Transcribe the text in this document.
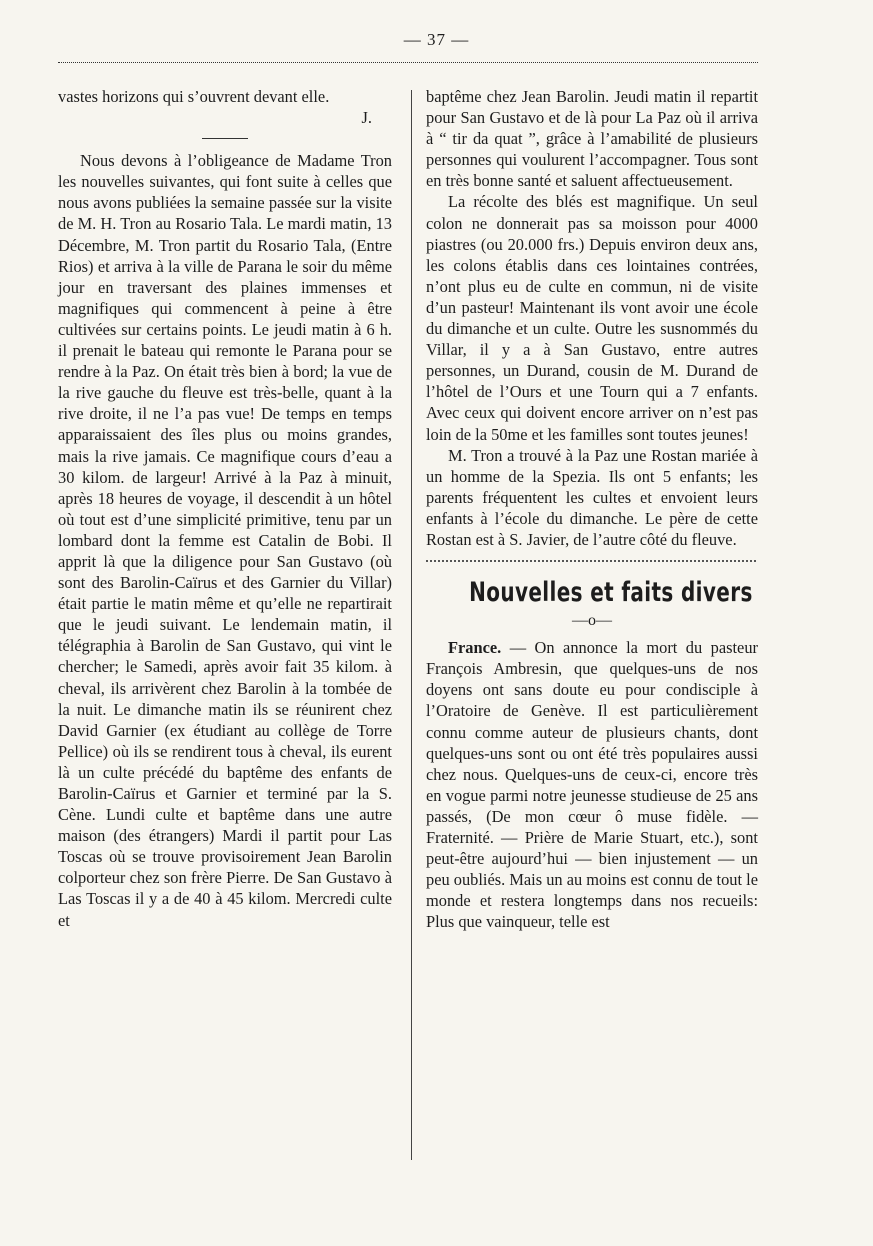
— 37 —

vastes horizons qui s’ouvrent devant elle.

J.

Nous devons à l’obligeance de Madame Tron les nouvelles suivantes, qui font suite à celles que nous avons publiées la semaine passée sur la visite de M. H. Tron au Rosario Tala. Le mardi matin, 13 Décembre, M. Tron partit du Rosario Tala, (Entre Rios) et arriva à la ville de Parana le soir du même jour en traversant des plaines immenses et magnifiques qui commencent à peine à être cultivées sur certains points. Le jeudi matin à 6 h. il prenait le bateau qui remonte le Parana pour se rendre à la Paz. On était très bien à bord; la vue de la rive gauche du fleuve est très-belle, quant à la rive droite, il ne l’a pas vue! De temps en temps apparaissaient des îles plus ou moins grandes, mais la rive jamais. Ce magnifique cours d’eau a 30 kilom. de largeur! Arrivé à la Paz à minuit, après 18 heures de voyage, il descendit à un hôtel où tout est d’une simplicité primitive, tenu par un lombard dont la femme est Catalin de Bobi. Il apprit là que la diligence pour San Gustavo (où sont des Barolin-Caïrus et des Garnier du Villar) était partie le matin même et qu’elle ne repartirait que le jeudi suivant. Le lendemain matin, il télégraphia à Barolin de San Gustavo, qui vint le chercher; le Samedi, après avoir fait 35 kilom. à cheval, ils arrivèrent chez Barolin à la tombée de la nuit. Le dimanche matin ils se réunirent chez David Garnier (ex étudiant au collège de Torre Pellice) où ils se rendirent tous à cheval, ils eurent là un culte précédé du baptême des enfants de Barolin-Caïrus et Garnier et terminé par la S. Cène. Lundi culte et baptême dans une autre maison (des étrangers) Mardi il partit pour Las Toscas où se trouve provisoirement Jean Barolin colporteur chez son frère Pierre. De San Gustavo à Las Toscas il y a de 40 à 45 kilom. Mercredi culte et

baptême chez Jean Barolin. Jeudi matin il repartit pour San Gustavo et de là pour La Paz où il arriva à “ tir da quat ”, grâce à l’amabilité de plusieurs personnes qui voulurent l’accompagner. Tous sont en très bonne santé et saluent affectueusement.

La récolte des blés est magnifique. Un seul colon ne donnerait pas sa moisson pour 4000 piastres (ou 20.000 frs.) Depuis environ deux ans, les colons établis dans ces lointaines contrées, n’ont plus eu de culte en commun, ni de visite d’un pasteur! Maintenant ils vont avoir une école du dimanche et un culte. Outre les susnommés du Villar, il y a à San Gustavo, entre autres personnes, un Durand, cousin de M. Durand de l’hôtel de l’Ours et une Tourn qui a 7 enfants. Avec ceux qui doivent encore arriver on n’est pas loin de la 50me et les familles sont toutes jeunes!

M. Tron a trouvé à la Paz une Rostan mariée à un homme de la Spezia. Ils ont 5 enfants; les parents fréquentent les cultes et envoient leurs enfants à l’école du dimanche. Le père de cette Rostan est à S. Javier, de l’autre côté du fleuve.

Nouvelles et faits divers
—o—

France. — On annonce la mort du pasteur François Ambresin, que quelques-uns de nos doyens ont sans doute eu pour condisciple à l’Oratoire de Genève. Il est particulièrement connu comme auteur de plusieurs chants, dont quelques-uns sont ou ont été très populaires aussi chez nous. Quelques-uns de ceux-ci, encore très en vogue parmi notre jeunesse studieuse de 25 ans passés, (De mon cœur ô muse fidèle. — Fraternité. — Prière de Marie Stuart, etc.), sont peut-être aujourd’hui — bien injustement — un peu oubliés. Mais un au moins est connu de tout le monde et restera longtemps dans nos recueils: Plus que vainqueur, telle est
